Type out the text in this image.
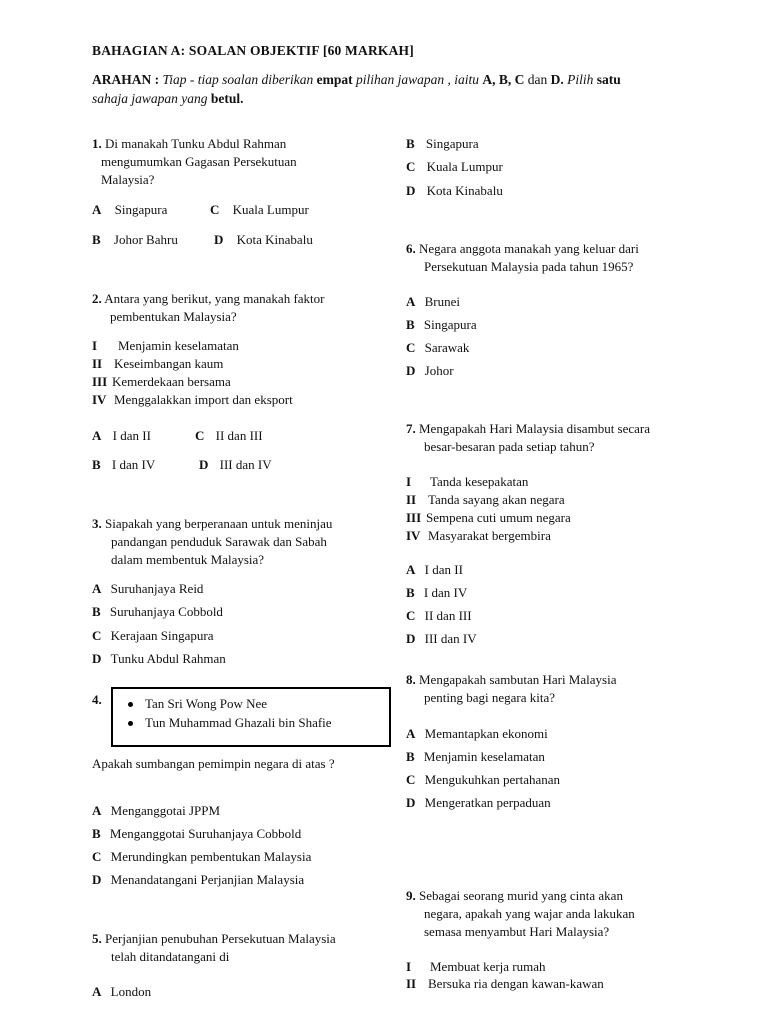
BAHAGIAN A: SOALAN OBJEKTIF [60 MARKAH]
ARAHAN : Tiap - tiap soalan diberikan empat pilihan jawapan , iaitu A, B, C dan D. Pilih satu
sahaja jawapan yang betul.
1. Di manakah Tunku Abdul Rahman
mengumumkan Gagasan Persekutuan
Malaysia?
A Singapura	C Kuala Lumpur
B Johor Bahru	D Kota Kinabalu
2. Antara yang berikut, yang manakah faktor
pembentukan Malaysia?
I Menjamin keselamatan
II Keseimbangan kaum
III Kemerdekaan bersama
IV Menggalakkan import dan eksport
A I dan II	C II dan III
B I dan IV	D III dan IV
3. Siapakah yang berperanaan untuk meninjau
pandangan penduduk Sarawak dan Sabah
dalam membentuk Malaysia?
A Suruhanjaya Reid
B Suruhanjaya Cobbold
C Kerajaan Singapura
D Tunku Abdul Rahman
4.	Tan Sri Wong Pow Nee
Tun Muhammad Ghazali bin Shafie
Apakah sumbangan pemimpin negara di atas ?
A Menganggotai JPPM
B Menganggotai Suruhanjaya Cobbold
C Merundingkan pembentukan Malaysia
D Menandatangani Perjanjian Malaysia
5. Perjanjian penubuhan Persekutuan Malaysia
telah ditandatangani di
A London
B Singapura
C Kuala Lumpur
D Kota Kinabalu
6. Negara anggota manakah yang keluar dari
Persekutuan Malaysia pada tahun 1965?
A Brunei
B Singapura
C Sarawak
D Johor
7. Mengapakah Hari Malaysia disambut secara
besar-besaran pada setiap tahun?
I Tanda kesepakatan
II Tanda sayang akan negara
III Sempena cuti umum negara
IV Masyarakat bergembira
A I dan II
B I dan IV
C II dan III
D III dan IV
8. Mengapakah sambutan Hari Malaysia
penting bagi negara kita?
A Memantapkan ekonomi
B Menjamin keselamatan
C Mengukuhkan pertahanan
D Mengeratkan perpaduan
9. Sebagai seorang murid yang cinta akan
negara, apakah yang wajar anda lakukan
semasa menyambut Hari Malaysia?
I Membuat kerja rumah
II Bersuka ria dengan kawan-kawan
